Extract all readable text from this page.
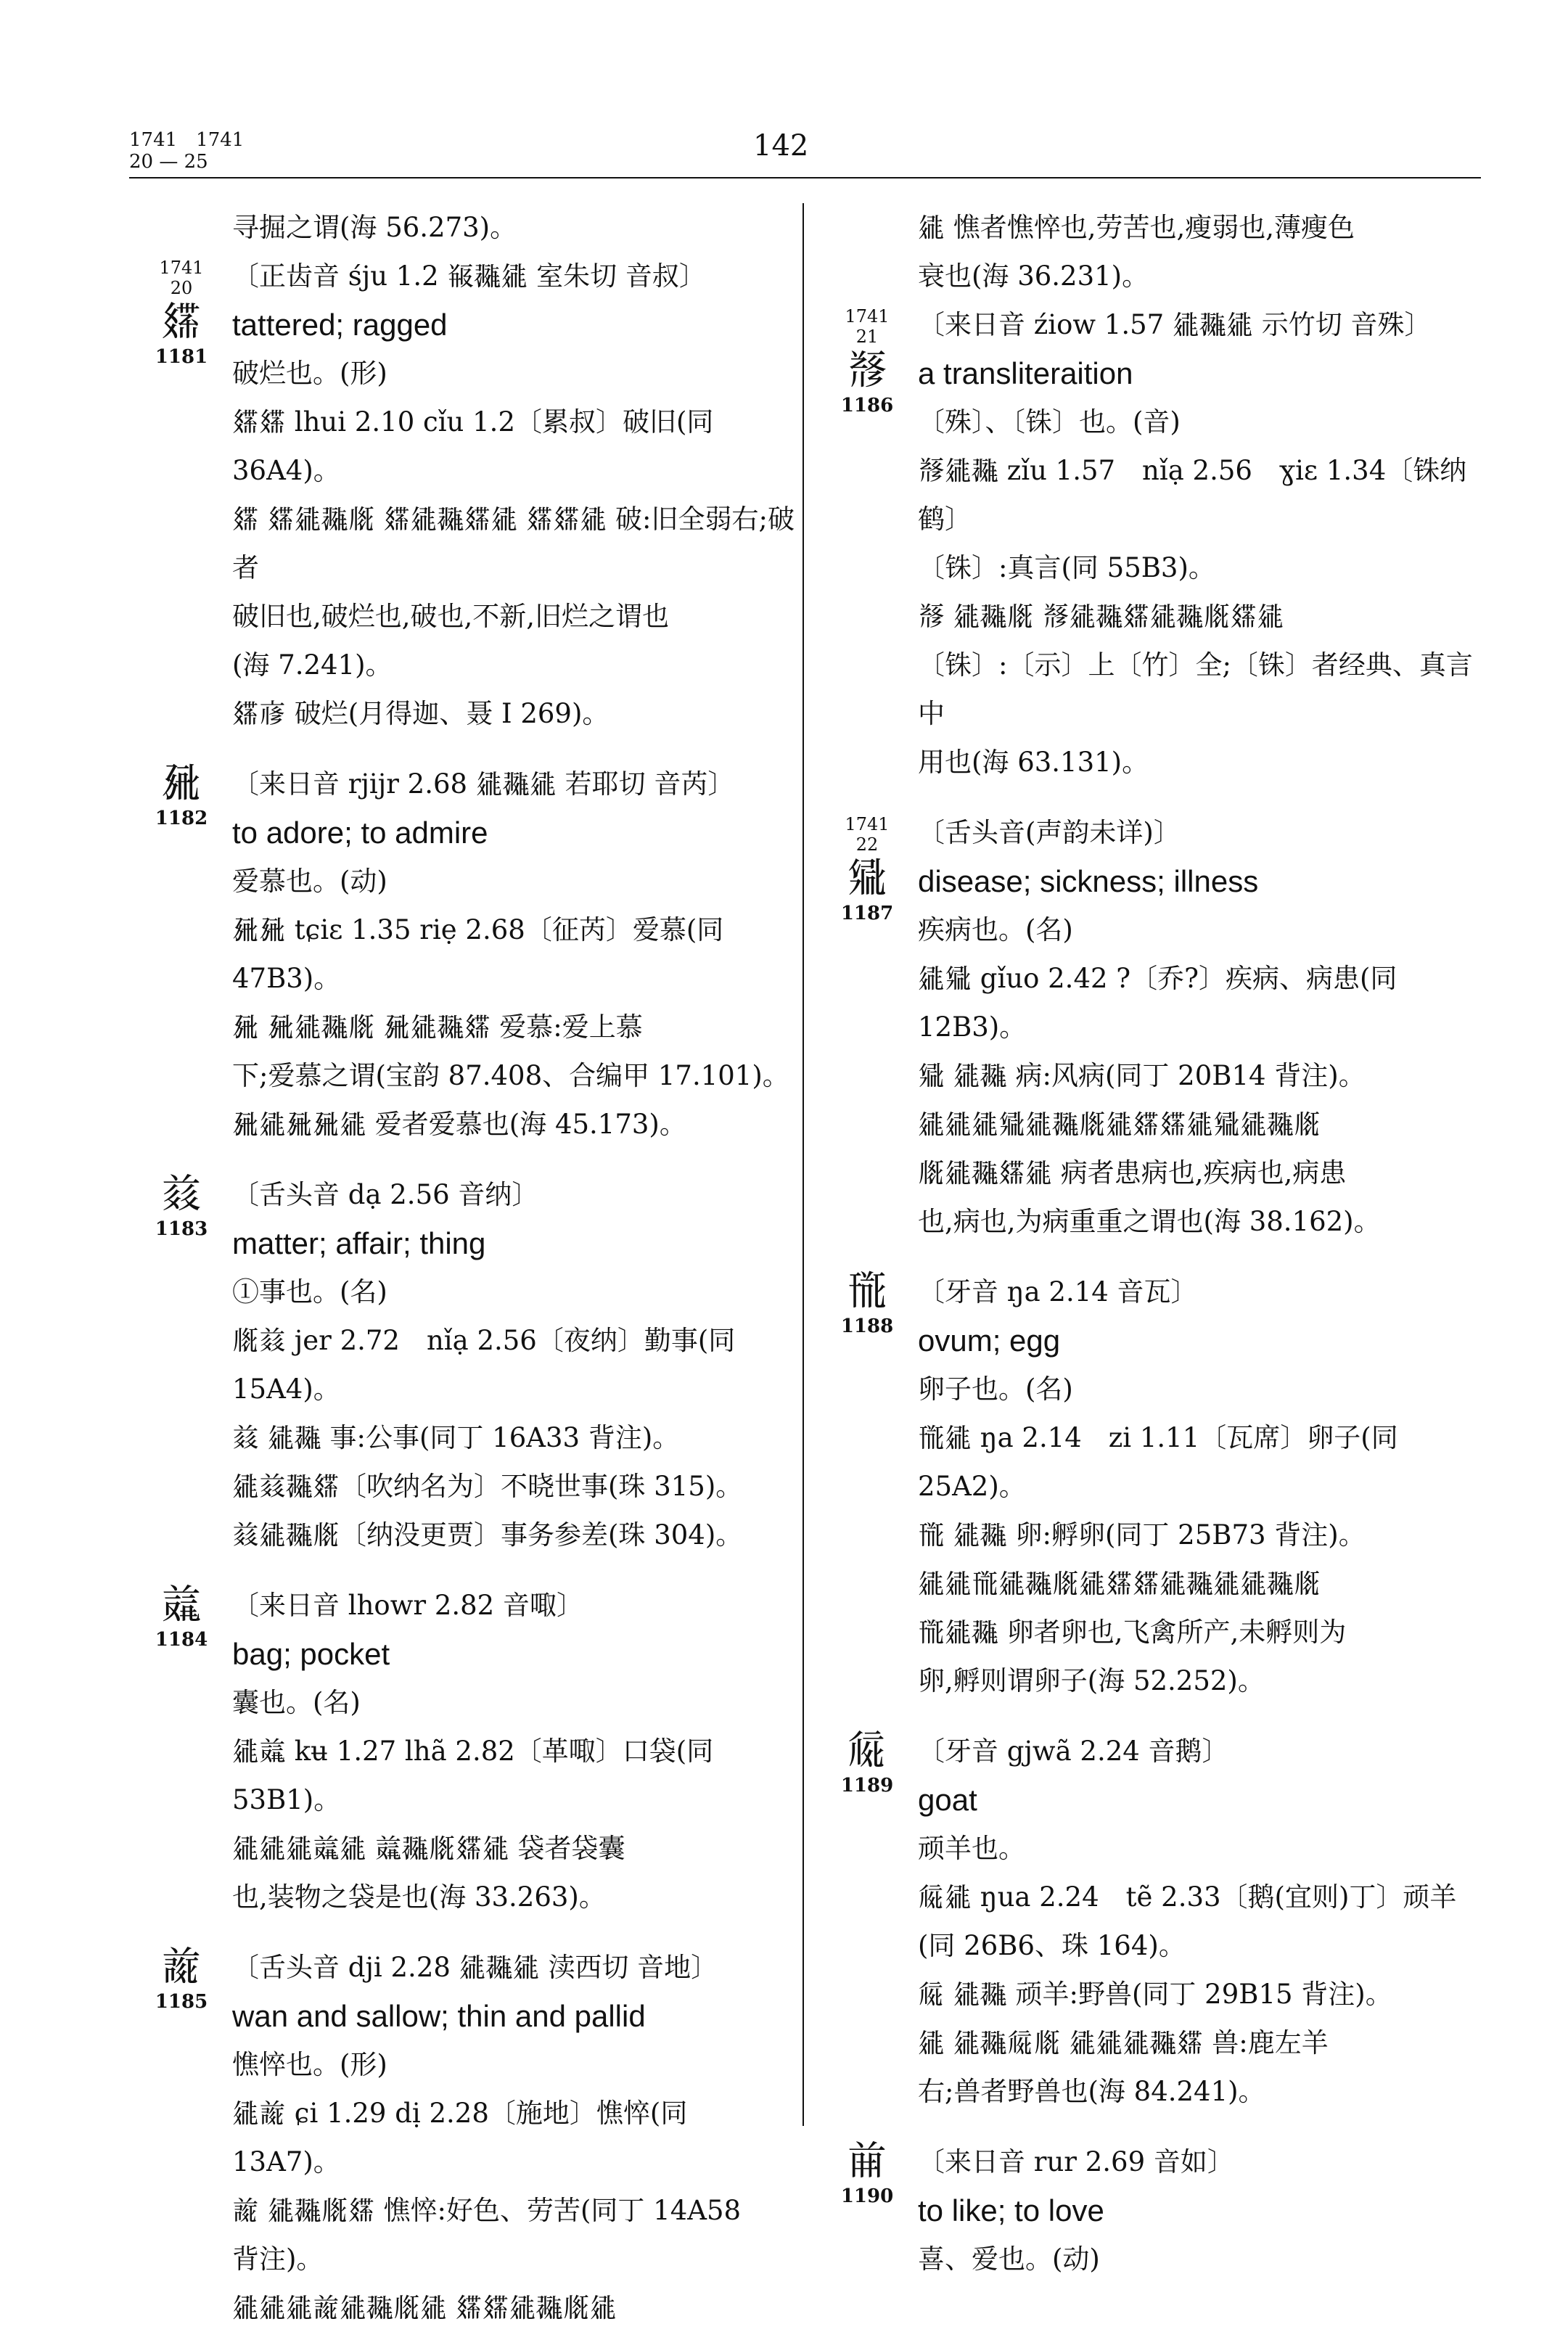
1741　1741
20 — 25	142
寻掘之谓(海 56.273)。
1741
20
𗿒
1181
〔正齿音 śju 1.2 𘂀𗖵𗧓 室朱切 音叔〕
tattered; ragged
破烂也。(形)
𗿒𗿒 lhui 2.10 cǐu 1.2〔累叔〕破旧(同 36A4)。
𗿒 𗿒𗧓𗖵𗅋 𗿒𗧓𗖵𗿒𗧓 𗿒𗿒𗧓 破:旧全弱右;破者
破旧也,破烂也,破也,不新,旧烂之谓也
(海 7.241)。
𗿒𗇋 破烂(月得迦、聂 I 269)。
𗉜
1182
〔来日音 rjijr 2.68 𗧓𗖵𗧓 若耶切 音芮〕
to adore; to admire
爱慕也。(动)
𗉜𗉜 tɕiɛ 1.35 riẹ 2.68〔征芮〕爱慕(同 47B3)。
𗉜 𗉜𗧓𗖵𗅋 𗉜𗧓𗖵𗿒 爱慕:爱上慕
下;爱慕之谓(宝韵 87.408、合编甲 17.101)。
𗉜𗧓𗉜𗉜𗧓 爱者爱慕也(海 45.173)。
𗑠
1183
〔舌头音 dạ 2.56 音纳〕
matter; affair; thing
①事也。(名)
𗅋𗑠 jer 2.72　nǐạ 2.56〔夜纳〕勤事(同
15A4)。
𗑠 𗧓𗖵 事:公事(同丁 16A33 背注)。
𗧓𗑠𗖵𗿒〔吹纳名为〕不晓世事(珠 315)。
𗑠𗧓𗖵𗅋〔纳没更贾〕事务参差(珠 304)。
𗒣
1184
〔来日音 lhowr 2.82 音㖩〕
bag; pocket
囊也。(名)
𗧓𗒣 kʉ 1.27 lhã 2.82〔革㖩〕口袋(同 53B1)。
𗧓𗧓𗧓𗒣𗧓 𗒣𗖵𗅋𗿒𗧓 袋者袋囊
也,装物之袋是也(海 33.263)。
𗓰
1185
〔舌头音 dji 2.28 𗧓𗖵𗧓 渎西切 音地〕
wan and sallow; thin and pallid
憔悴也。(形)
𗧓𗓰 ɕi 1.29 dị 2.28〔施地〕憔悴(同 13A7)。
𗓰 𗧓𗖵𗅋𗿒 憔悴:好色、劳苦(同丁 14A58
背注)。
𗧓𗧓𗧓𗓰𗧓𗖵𗅋𗧓 𗿒𗿒𗧓𗖵𗅋𗧓
𗧓 憔者憔悴也,劳苦也,瘦弱也,薄瘦色
衰也(海 36.231)。
1741
21
𘃡
1186
〔来日音 źiow 1.57 𗧓𗖵𗧓 示竹切 音殊〕
a transliteraition
〔殊〕、〔铢〕也。(音)
𘃡𗧓𗖵 zǐu 1.57　nǐạ 2.56　ɣiɛ 1.34〔铢纳鹤〕
〔铢〕:真言(同 55B3)。
𘃡 𗧓𗖵𗅋 𘃡𗧓𗖵𗿒𗧓𗖵𗅋𗿒𗧓
〔铢〕:〔示〕上〔竹〕全;〔铢〕者经典、真言中
用也(海 63.131)。
1741
22
𗋐
1187
〔舌头音(声韵未详)〕
disease; sickness; illness
疾病也。(名)
𗧓𗋐 gǐuo 2.42 ?〔乔?〕疾病、病患(同
12B3)。
𗋐 𗧓𗖵 病:风病(同丁 20B14 背注)。
𗧓𗧓𗧓𗋐𗧓𗖵𗅋𗧓𗿒𗿒𗧓𗋐𗧓𗖵𗅋
𗅋𗧓𗖵𗿒𗧓 病者患病也,疾病也,病患
也,病也,为病重重之谓也(海 38.162)。
𗍋
1188
〔牙音 ŋa 2.14 音瓦〕
ovum; egg
卵子也。(名)
𗍋𗧓 ŋa 2.14　zi 1.11〔瓦席〕卵子(同 25A2)。
𗍋 𗧓𗖵 卵:孵卵(同丁 25B73 背注)。
𗧓𗧓𗍋𗧓𗖵𗅋𗧓𗿒𗿒𗧓𗖵𗧓𗧓𗖵𗅋
𗍋𗧓𗖵 卵者卵也,飞禽所产,未孵则为
卵,孵则谓卵子(海 52.252)。
𗏁
1189
〔牙音 gjwã 2.24 音鹅〕
goat
顽羊也。
𗏁𗧓 ŋua 2.24　tẽ 2.33〔鹅(宜则)丁〕顽羊
(同 26B6、珠 164)。
𗏁 𗧓𗖵 顽羊:野兽(同丁 29B15 背注)。
𗧓 𗧓𗖵𗏁𗅋 𗧓𗧓𗧓𗖵𗿒 兽:鹿左羊
右;兽者野兽也(海 84.241)。
𗐺
1190
〔来日音 rur 2.69 音如〕
to like; to love
喜、爱也。(动)
